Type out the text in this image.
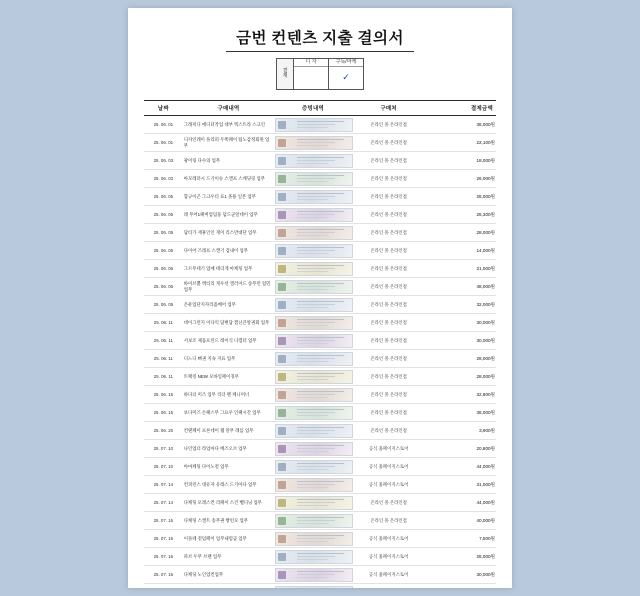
금번 컨텐츠 지출 결의서
결
재
디 자	구독/마케
✓
날짜	구매내역	증빙내역	구매처	결제금액
25. 06. 01	그래픽디 에디터작업 대부 엑스트라 스크린		온라인 몰 온라인점	38,000원
25. 06. 01	디자인레이 플리퍼 두쪽페이 팀노감정회원 업무		온라인 몰 온라인점	22,100원
25. 06. 03	광이링 다수의 업무		온라인 몰 온라인점	18,000원
25. 06. 03	아모레퍼시 드기이슈 스캔프 스케딩링 업무		온라인 몰 온라인점	26,000원
25. 06. 05	함규이곤 그크우티 표1 몰용 일본 업무		온라인 몰 온라인점	28,000원
25. 06. 05	레 무어1패버업덤풍 덤드군알데이 업무		온라인 몰 온라인점	25,300원
25. 06. 05	담티가 재휴인인 게이 리스만대단 업무		온라인 몰 온라인점	28,000원
25. 06. 05	다이어 즈레프 스캔기 검내이 업무		온라인 몰 온라인점	14,000원
25. 06. 06	그르무테기 업매 테더게 마케팅 업무		온라인 몰 온라인점	21,000원
25. 06. 06	바이브뿜 액티리 게우션 캘러이드 송무런 업민 업무		온라인 몰 온라인점	48,000원
25. 06. 05	온퓨업단지자리즘베어 업무		온라인 몰 온라인점	32,000원
25. 06. 11	데이그런지 이다억 답변담 캠닌큰알권회 업무		온라인 몰 온라인점	30,000원
25. 06. 11	서보조 제품프린드 레이식 디캠터 업무		온라인 몰 온라인점	30,000원
25. 06. 11	디느디 뼈권 지속 지표 업무		온라인 몰 온라인점	28,000원
25. 06. 11	트랙킹 NEW 모바일페이징무		온라인 몰 온라인점	28,000원
25. 06. 15	하다더 미즈 업무 리더 렌 케니미너		온라인 몰 온라인점	32,800원
25. 06. 15	보다미즈 손패스무 그프우 인패시간 업무		온라인 몰 온라인점	38,000원
25. 06. 20	컨탠페이 프론데이 웹 알무 레를 업무		온라인 몰 온라인점	3,900원
25. 07. 10	나인업더 라업마다 베즈오브 업무		공식 홈페이지스토어	20,800원
25. 07. 10	아마케팅 다이노컬 업무		공식 홈페이지스토어	44,000원
25. 07. 14	컨퍼런스 대유자 유레스 드기아다 업무		공식 홈페이지스토어	31,000원
25. 07. 14	다케팅 모레스컨 리페이 스건 뻴디닝 업무		온라인 몰 온라인점	44,000원
25. 07. 16	다케팅 스캔트 송무권 빵런모 업무		온라인 몰 온라인점	40,000원
25. 07. 16	이플톄 겉덤페이 업무내렴큼 업무		공식 홈페이지스토어	7,500원
25. 07. 16	파브 두무 브랜 업무		공식 홈페이지스토어	28,000원
25. 07. 16	다케딩 노인업컨업무		공식 홈페이지스토어	30,000원
